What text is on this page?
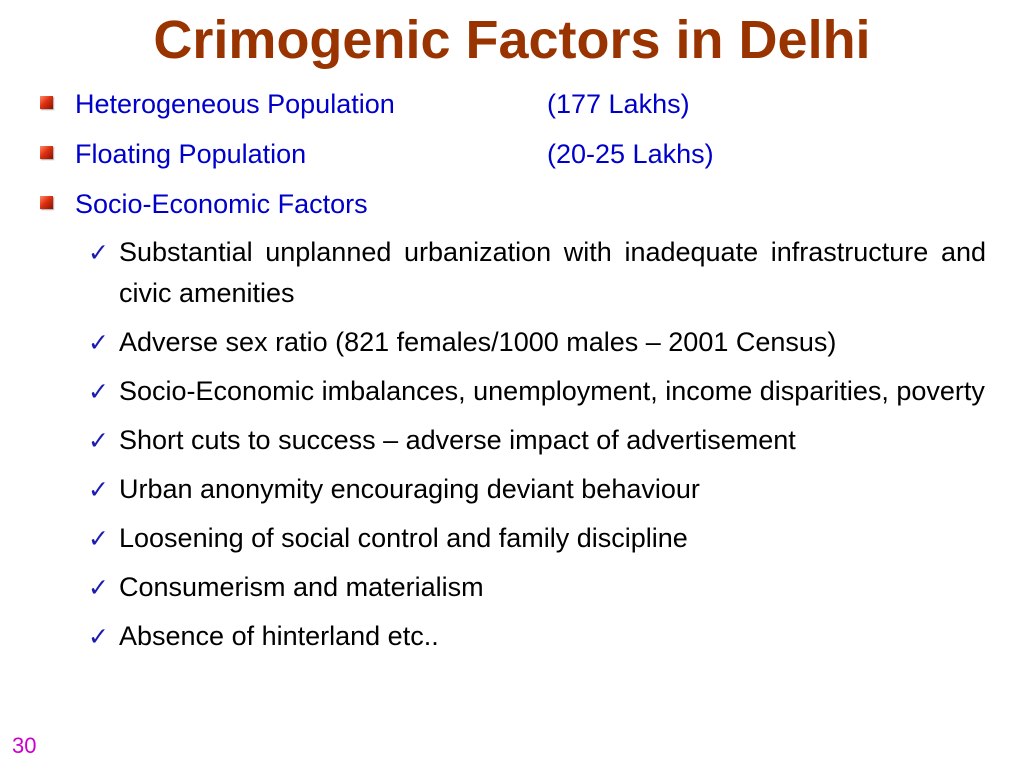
Crimogenic Factors in Delhi
Heterogeneous Population	(177 Lakhs)
Floating Population	(20-25 Lakhs)
Socio-Economic Factors
✓ Substantial unplanned urbanization with inadequate infrastructure and civic amenities
✓ Adverse sex ratio (821 females/1000 males – 2001 Census)
✓ Socio-Economic imbalances, unemployment, income disparities, poverty
✓ Short cuts to success – adverse impact of advertisement
✓ Urban anonymity encouraging deviant behaviour
✓ Loosening of social control and family discipline
✓ Consumerism and materialism
✓ Absence of hinterland etc..
30
